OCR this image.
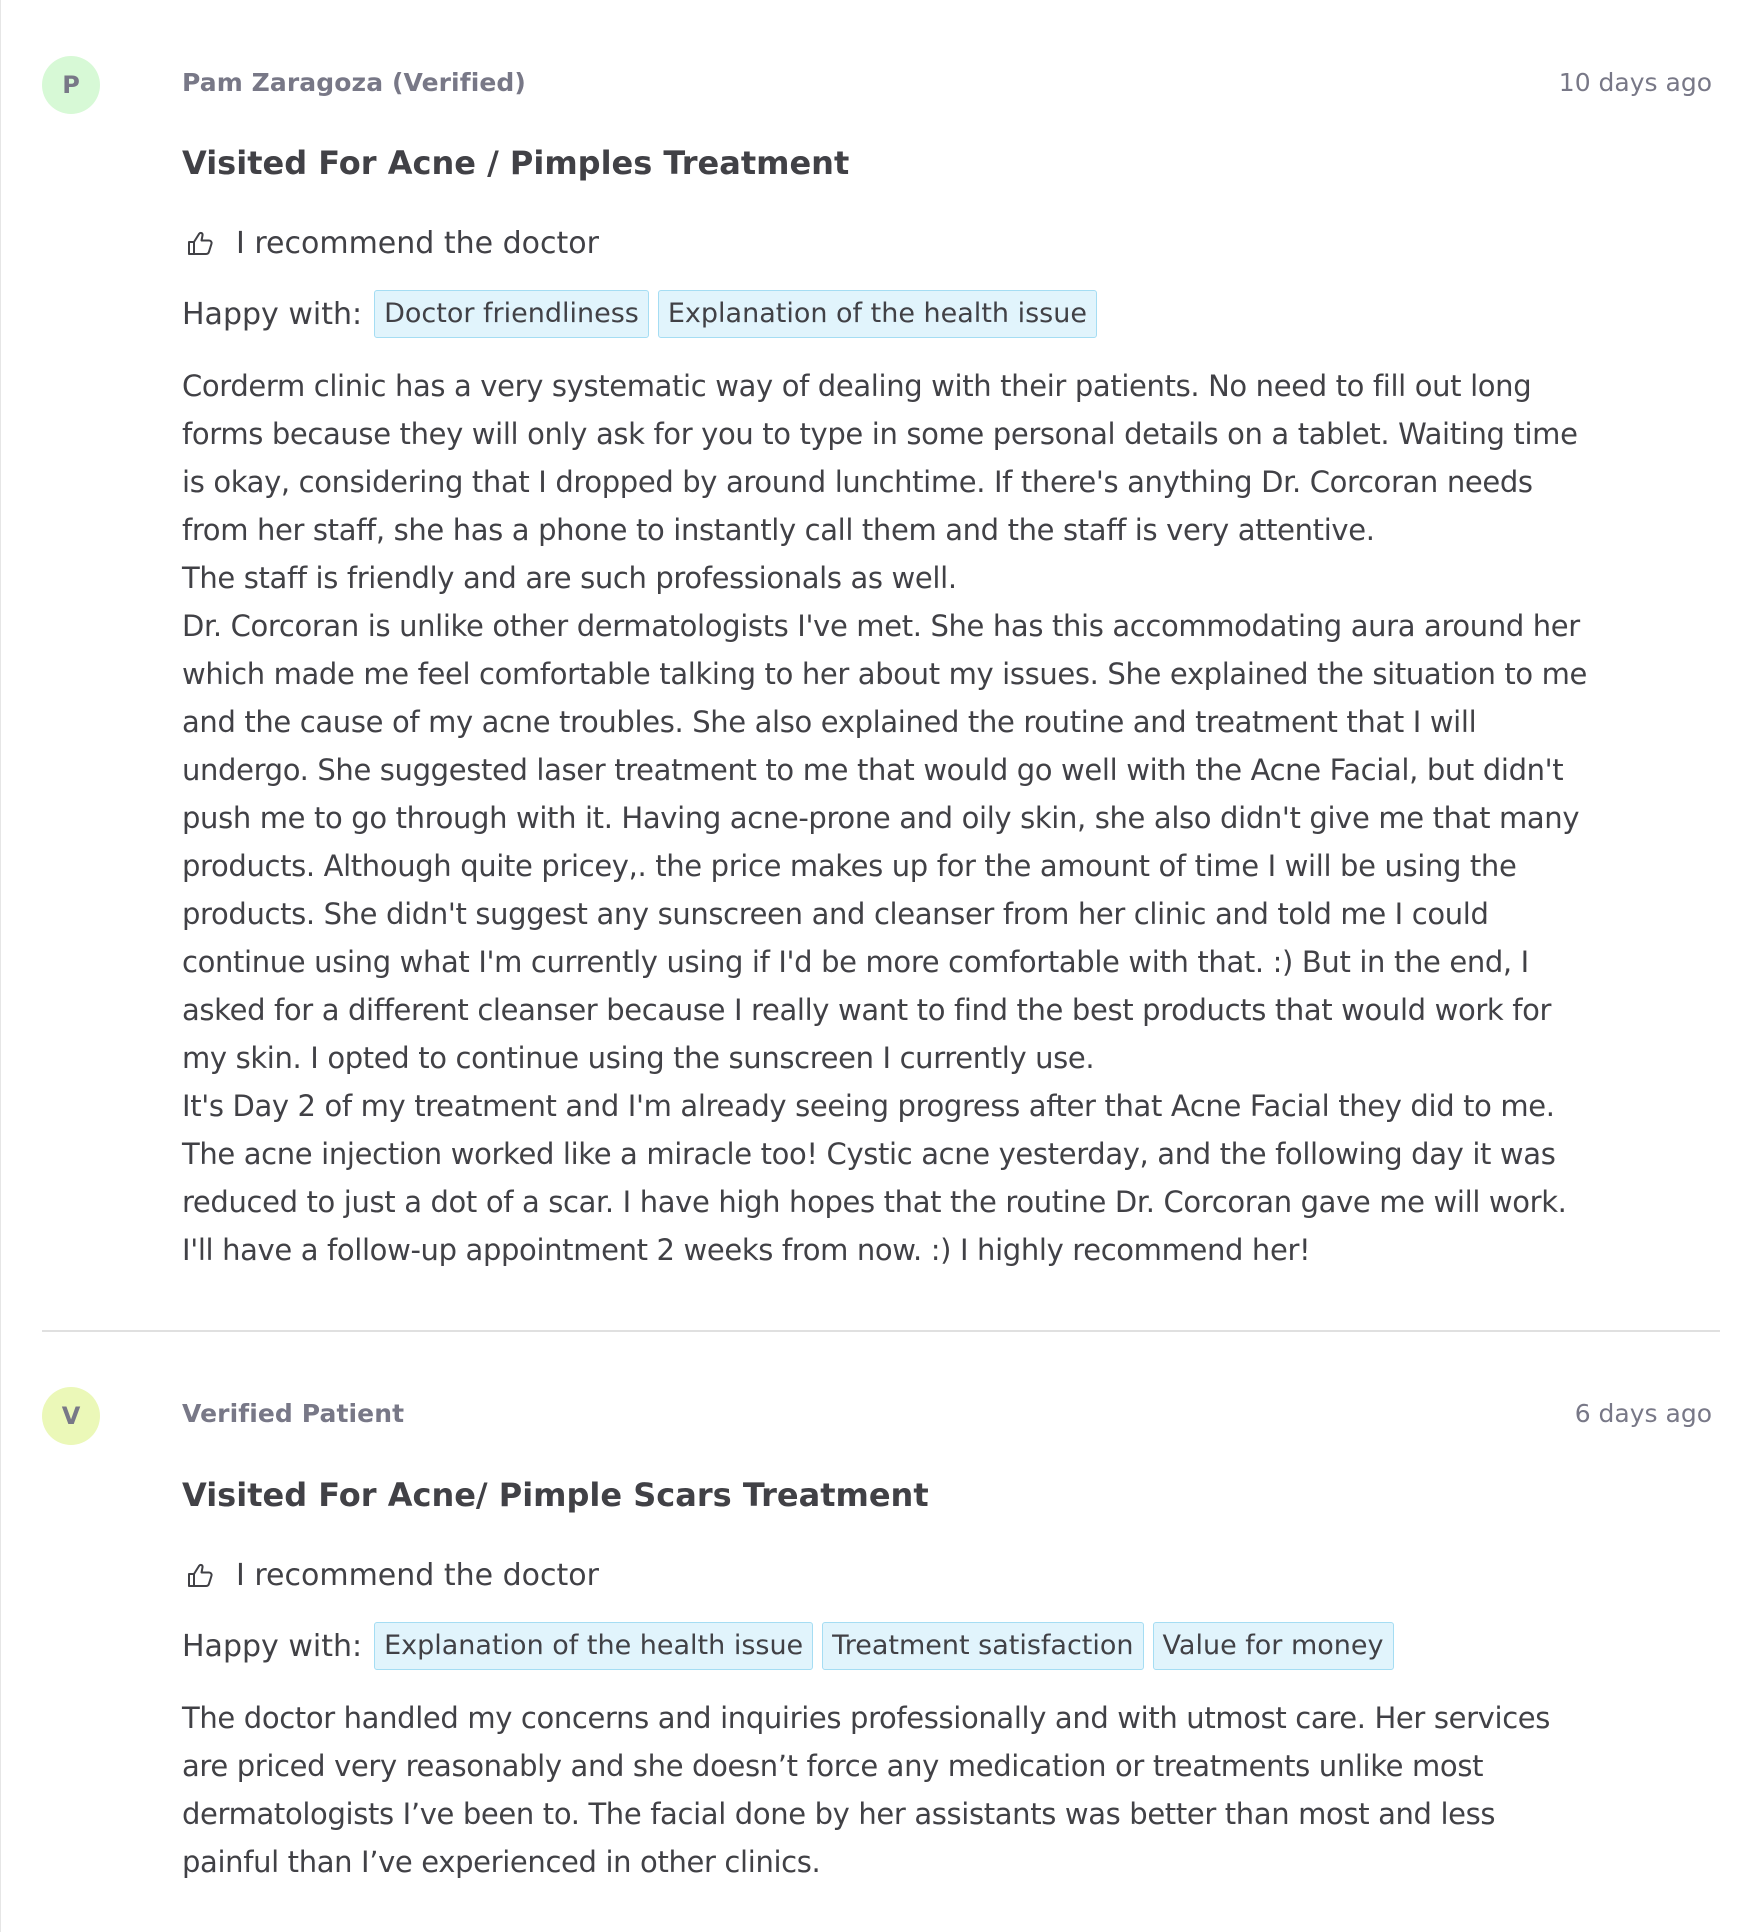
P	Pam Zaragoza (Verified)	10 days ago
Visited For Acne / Pimples Treatment
I recommend the doctor
Happy with: Doctor friendliness	Explanation of the health issue

Corderm clinic has a very systematic way of dealing with their patients. No need to fill out long
forms because they will only ask for you to type in some personal details on a tablet. Waiting time
is okay, considering that I dropped by around lunchtime. If there's anything Dr. Corcoran needs
from her staff, she has a phone to instantly call them and the staff is very attentive.
The staff is friendly and are such professionals as well.
Dr. Corcoran is unlike other dermatologists I've met. She has this accommodating aura around her
which made me feel comfortable talking to her about my issues. She explained the situation to me
and the cause of my acne troubles. She also explained the routine and treatment that I will
undergo. She suggested laser treatment to me that would go well with the Acne Facial, but didn't
push me to go through with it. Having acne-prone and oily skin, she also didn't give me that many
products. Although quite pricey,. the price makes up for the amount of time I will be using the
products. She didn't suggest any sunscreen and cleanser from her clinic and told me I could
continue using what I'm currently using if I'd be more comfortable with that. :) But in the end, I
asked for a different cleanser because I really want to find the best products that would work for
my skin. I opted to continue using the sunscreen I currently use.
It's Day 2 of my treatment and I'm already seeing progress after that Acne Facial they did to me.
The acne injection worked like a miracle too! Cystic acne yesterday, and the following day it was
reduced to just a dot of a scar. I have high hopes that the routine Dr. Corcoran gave me will work.
I'll have a follow-up appointment 2 weeks from now. :) I highly recommend her!

V	Verified Patient	6 days ago
Visited For Acne/ Pimple Scars Treatment
I recommend the doctor
Happy with: Explanation of the health issue	Treatment satisfaction	Value for money

The doctor handled my concerns and inquiries professionally and with utmost care. Her services
are priced very reasonably and she doesn’t force any medication or treatments unlike most
dermatologists I’ve been to. The facial done by her assistants was better than most and less
painful than I’ve experienced in other clinics.
